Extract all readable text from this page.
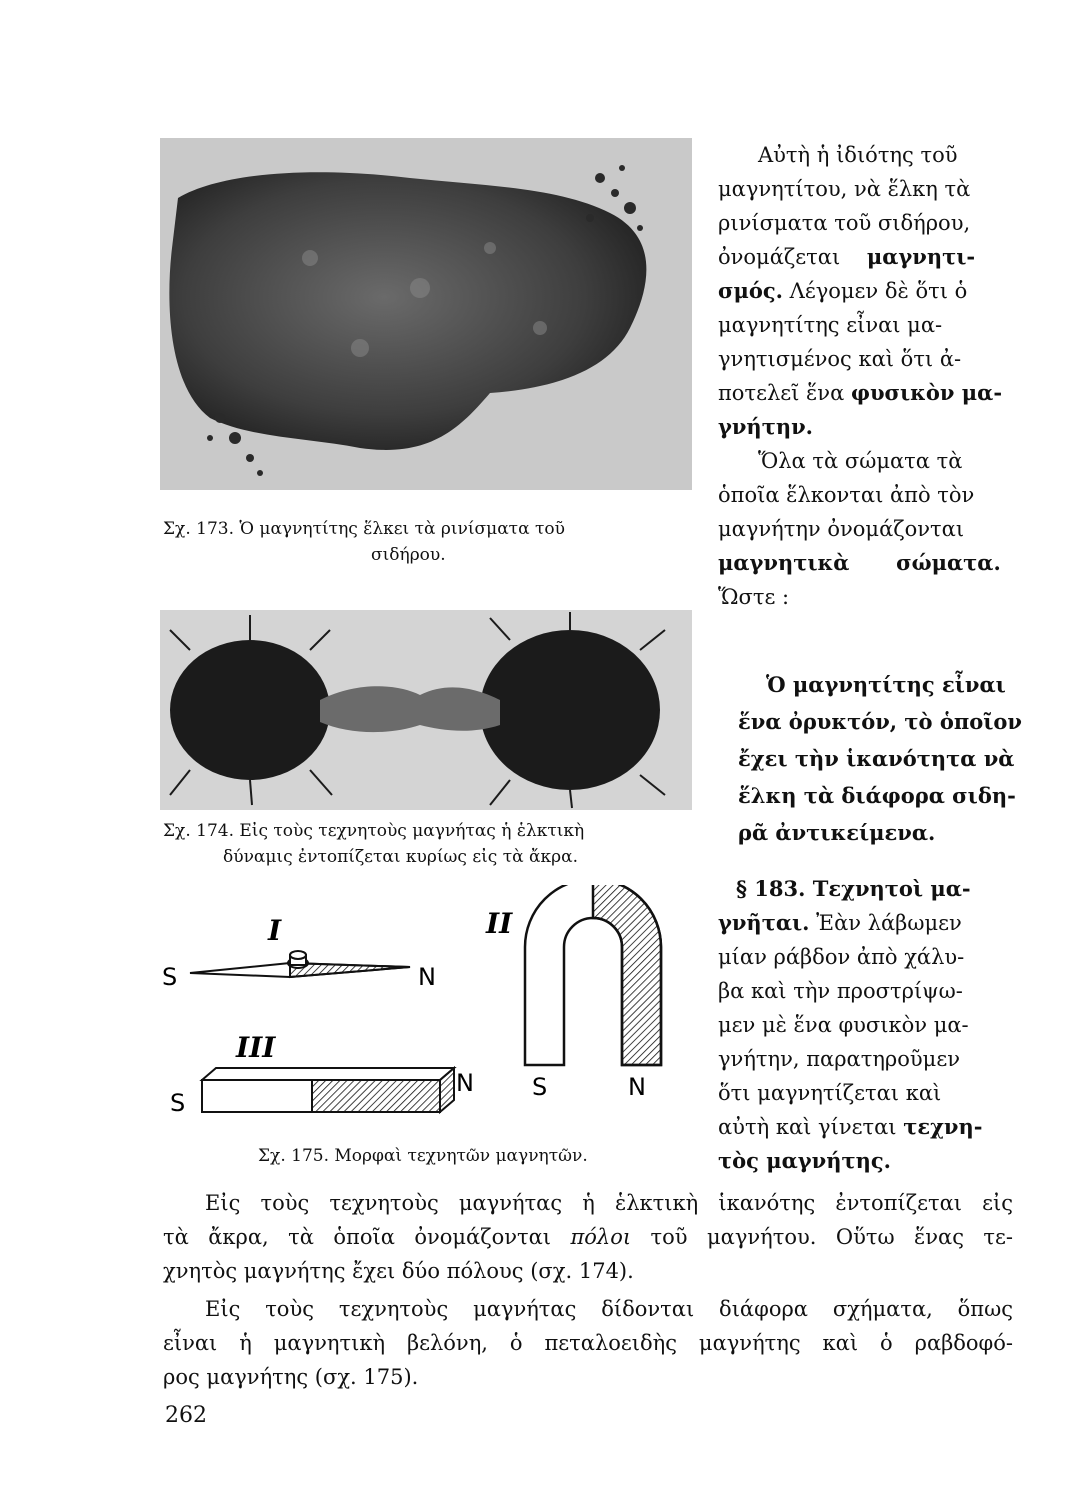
Σχ. 173. Ὁ μαγνητίτης ἕλκει τὰ ρινίσματα τοῦ
σιδήρου.
Σχ. 174. Εἰς τοὺς τεχνητοὺς μαγνήτας ἡ ἑλκτικὴ
δύναμις ἐντοπίζεται κυρίως εἰς τὰ ἄκρα.
I
S	N
II
S	N
III
S
N
Σχ. 175. Μορφαὶ τεχνητῶν μαγνητῶν.
Αὐτὴ ἡ ἰδιότης τοῦ
μαγνητίτου, νὰ ἕλκη τὰ
ρινίσματα τοῦ σιδήρου,
ὀνομάζεται μαγνητι-
σμός. Λέγομεν δὲ ὅτι ὁ
μαγνητίτης εἶναι μα-
γνητισμένος καὶ ὅτι ἀ-
ποτελεῖ ἕνα φυσικὸν μα-
γνήτην.
Ὅλα τὰ σώματα τὰ
ὁποῖα ἕλκονται ἀπὸ τὸν
μαγνήτην ὀνομάζονται
μαγνητικὰ σώματα.
Ὥστε :
Ὁ μαγνητίτης εἶναι
ἕνα ὀρυκτόν, τὸ ὁποῖον
ἔχει τὴν ἱκανότητα νὰ
ἕλκη τὰ διάφορα σιδη-
ρᾶ ἀντικείμενα.
§ 183. Τεχνητοὶ μα-
γνῆται. Ἐὰν λάβωμεν
μίαν ράβδον ἀπὸ χάλυ-
βα καὶ τὴν προστρίψω-
μεν μὲ ἕνα φυσικὸν μα-
γνήτην, παρατηροῦμεν
ὅτι μαγνητίζεται καὶ
αὐτὴ καὶ γίνεται τεχνη-
τὸς μαγνήτης.
Εἰς τοὺς τεχνητοὺς μαγνήτας ἡ ἑλκτικὴ ἱκανότης ἐντοπίζεται εἰς
τὰ ἄκρα, τὰ ὁποῖα ὀνομάζονται πόλοι τοῦ μαγνήτου. Οὕτω ἕνας τε-
χνητὸς μαγνήτης ἔχει δύο πόλους (σχ. 174).
Εἰς τοὺς τεχνητοὺς μαγνήτας δίδονται διάφορα σχήματα, ὅπως
εἶναι ἡ μαγνητικὴ βελόνη, ὁ πεταλοειδὴς μαγνήτης καὶ ὁ ραβδοφό-
ρος μαγνήτης (σχ. 175).
262
